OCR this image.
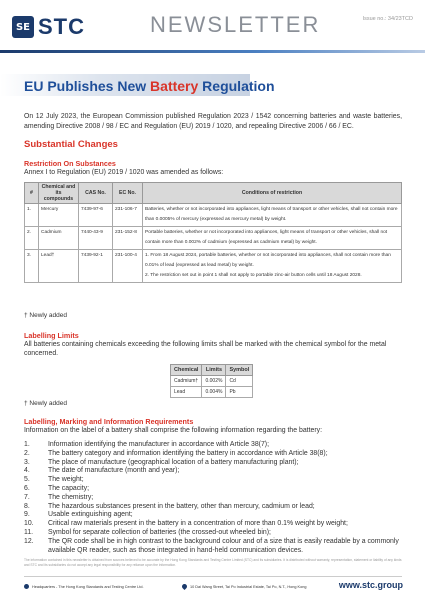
SE STC	NEWSLETTER	Issue no.: 34/23TCD
EU Publishes New Battery Regulation
On 12 July 2023, the European Commission published Regulation 2023 / 1542 concerning batteries and waste batteries, amending Directive 2008 / 98 / EC and Regulation (EU) 2019 / 1020, and repealing Directive 2006 / 66 / EC.
Substantial Changes
Restriction On Substances
Annex I to Regulation (EU) 2019 / 1020 was amended as follows:
#	Chemical and its compounds	CAS No.	EC No.	Conditions of restriction
1.	Mercury	7439-97-6	231-106-7	Batteries, whether or not incorporated into appliances, light means of transport or other vehicles, shall not contain more than 0.0005% of mercury (expressed as mercury metal) by weight.
2.	Cadmium	7440-43-9	231-152-8	Portable batteries, whether or not incorporated into appliances, light means of transport or other vehicles, shall not contain more than 0.002% of cadmium (expressed as cadmium metal) by weight.
3.	Lead†	7439-92-1	231-100-4	1. From 18 August 2024, portable batteries, whether or not incorporated into appliances, shall not contain more than 0.01% of lead (expressed as lead metal) by weight.
2. The restriction set out in point 1 shall not apply to portable zinc-air button cells until 18 August 2028.
† Newly added
Labelling Limits
All batteries containing chemicals exceeding the following limits shall be marked with the chemical symbol for the metal concerned.
Chemical	Limits	Symbol
Cadmium†	0.002%	Cd
Lead	0.004%	Pb
† Newly added
Labelling, Marking and Information Requirements
Information on the label of a battery shall comprise the following information regarding the battery:
1.	Information identifying the manufacturer in accordance with Article 38(7);
2.	The battery category and information identifying the battery in accordance with Article 38(8);
3.	The place of manufacture (geographical location of a battery manufacturing plant);
4.	The date of manufacture (month and year);
5.	The weight;
6.	The capacity;
7.	The chemistry;
8.	The hazardous substances present in the battery, other than mercury, cadmium or lead;
9.	Usable extinguishing agent;
10.	Critical raw materials present in the battery in a concentration of more than 0.1% weight by weight;
11.	Symbol for separate collection of batteries (the crossed-out wheeled bin);
12.	The QR code shall be in high contrast to the background colour and of a size that is easily readable by a commonly available QR reader, such as those integrated in hand-held communication devices.
The information contained in this newsletter is obtained from sources believed to be accurate by the Hong Kong Standards and Testing Centre Limited (STC) and its subsidiaries. It is distributed without warranty, representation, statement or liability of any kinds and STC and its subsidiaries do not accept any legal responsibility for any reliance upon the information.
Headquarters - The Hong Kong Standards and Testing Centre Ltd.	10 Dai Wang Street, Tai Po Industrial Estate, Tai Po, N.T., Hong Kong	www.stc.group
